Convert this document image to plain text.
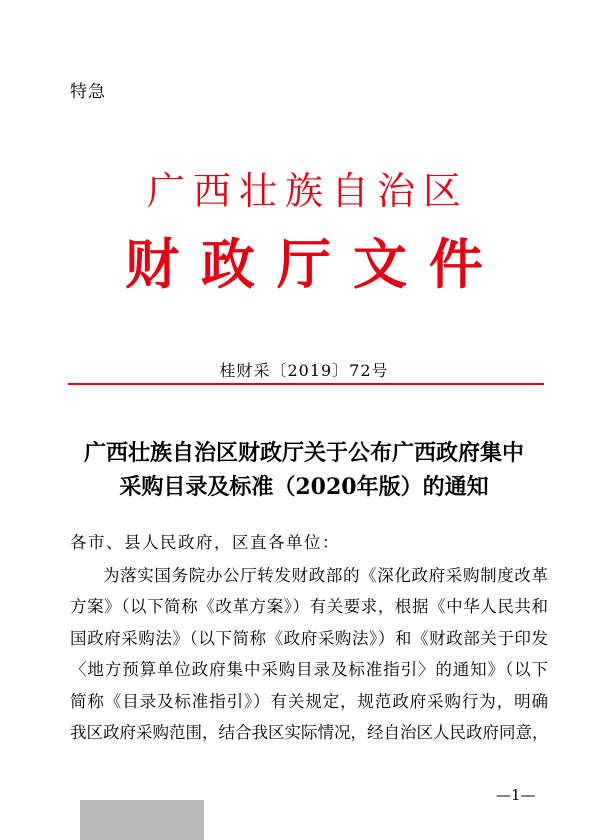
特急
广西壮族自治区
财政厅文件
桂财采〔2019〕72号
广西壮族自治区财政厅关于公布广西政府集中
采购目录及标准（2020年版）的通知
各市、县人民政府，区直各单位：
为落实国务院办公厅转发财政部的《深化政府采购制度改革
方案》（以下简称《改革方案》）有关要求，根据《中华人民共和
国政府采购法》（以下简称《政府采购法》）和《财政部关于印发
〈地方预算单位政府集中采购目录及标准指引〉的通知》（以下
简称《目录及标准指引》）有关规定，规范政府采购行为，明确
我区政府采购范围，结合我区实际情况，经自治区人民政府同意，
—1—
